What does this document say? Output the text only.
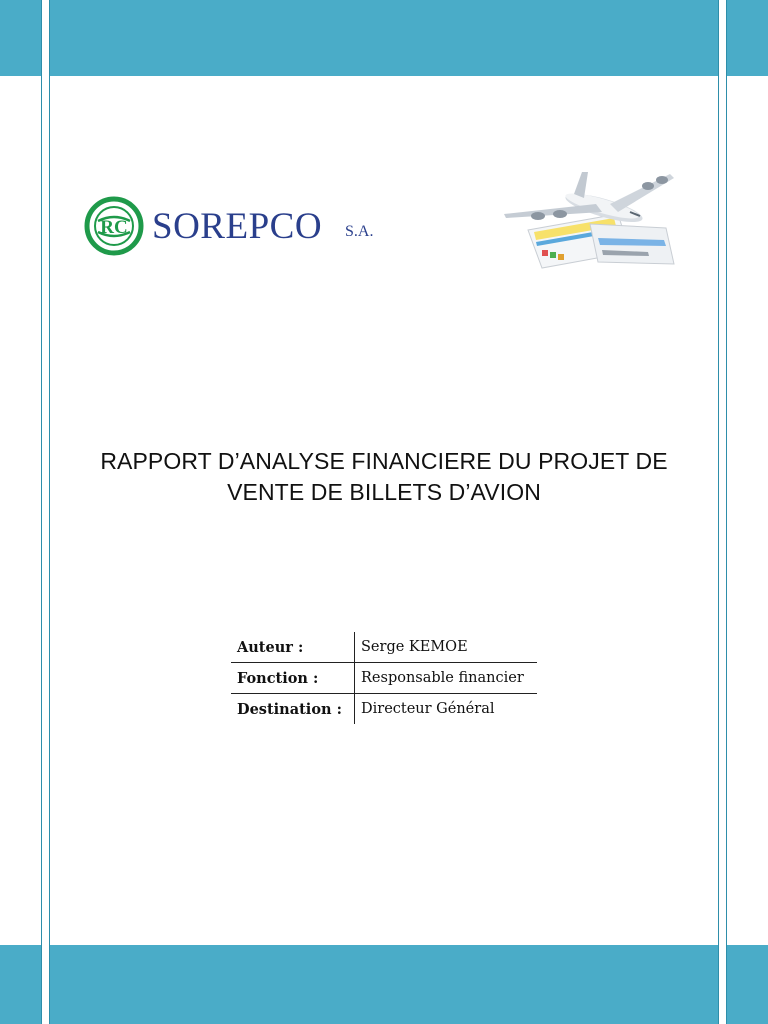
RC SOREPCO S.A.
RAPPORT D’ANALYSE FINANCIERE DU PROJET DE
VENTE DE BILLETS D’AVION
Auteur :	Serge KEMOE
Fonction :	Responsable financier
Destination :	Directeur Général
